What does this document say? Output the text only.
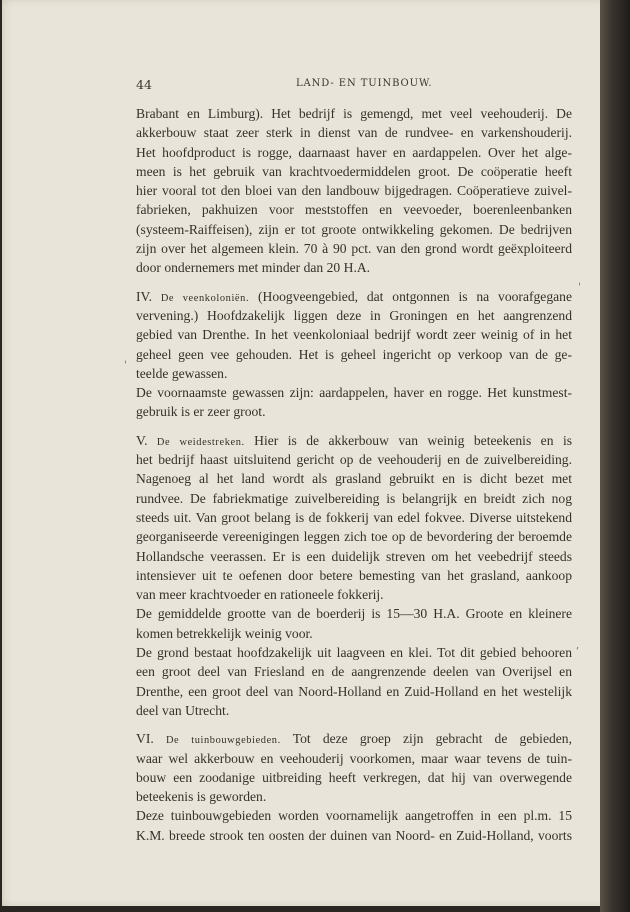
44	LAND- EN TUINBOUW.
Brabant en Limburg). Het bedrijf is gemengd, met veel veehouderij. De
akkerbouw staat zeer sterk in dienst van de rundvee- en varkenshouderij.
Het hoofdproduct is rogge, daarnaast haver en aardappelen. Over het alge-
meen is het gebruik van krachtvoedermiddelen groot. De coöperatie heeft
hier vooral tot den bloei van den landbouw bijgedragen. Coöperatieve zuivel-
fabrieken, pakhuizen voor meststoffen en veevoeder, boerenleenbanken
(systeem-Raiffeisen), zijn er tot groote ontwikkeling gekomen. De bedrijven
zijn over het algemeen klein. 70 à 90 pct. van den grond wordt geëxploiteerd
door ondernemers met minder dan 20 H.A.
IV. De veenkoloniën. (Hoogveengebied, dat ontgonnen is na voorafgegane
vervening.) Hoofdzakelijk liggen deze in Groningen en het aangrenzend
gebied van Drenthe. In het veenkoloniaal bedrijf wordt zeer weinig of in het
geheel geen vee gehouden. Het is geheel ingericht op verkoop van de ge-
teelde gewassen.
De voornaamste gewassen zijn: aardappelen, haver en rogge. Het kunstmest-
gebruik is er zeer groot.
V. De weidestreken. Hier is de akkerbouw van weinig beteekenis en is
het bedrijf haast uitsluitend gericht op de veehouderij en de zuivelbereiding.
Nagenoeg al het land wordt als grasland gebruikt en is dicht bezet met
rundvee. De fabriekmatige zuivelbereiding is belangrijk en breidt zich nog
steeds uit. Van groot belang is de fokkerij van edel fokvee. Diverse uitstekend
georganiseerde vereenigingen leggen zich toe op de bevordering der beroemde
Hollandsche veerassen. Er is een duidelijk streven om het veebedrijf steeds
intensiever uit te oefenen door betere bemesting van het grasland, aankoop
van meer krachtvoeder en rationeele fokkerij.
De gemiddelde grootte van de boerderij is 15—30 H.A. Groote en kleinere
komen betrekkelijk weinig voor.
De grond bestaat hoofdzakelijk uit laagveen en klei. Tot dit gebied behooren
een groot deel van Friesland en de aangrenzende deelen van Overijsel en
Drenthe, een groot deel van Noord-Holland en Zuid-Holland en het westelijk
deel van Utrecht.
VI. De tuinbouwgebieden. Tot deze groep zijn gebracht de gebieden,
waar wel akkerbouw en veehouderij voorkomen, maar waar tevens de tuin-
bouw een zoodanige uitbreiding heeft verkregen, dat hij van overwegende
beteekenis is geworden.
Deze tuinbouwgebieden worden voornamelijk aangetroffen in een pl.m. 15
K.M. breede strook ten oosten der duinen van Noord- en Zuid-Holland, voorts
'
'
,
